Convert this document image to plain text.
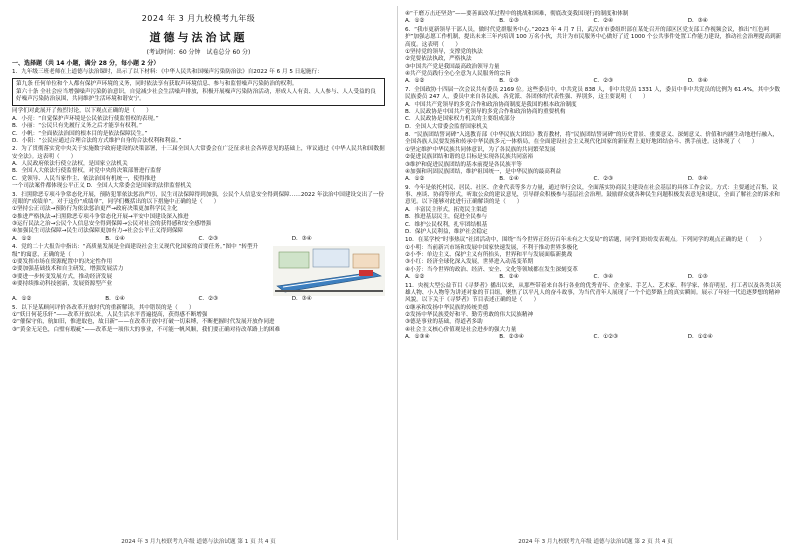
2024 年 3 月九校模考九年级
道德与法治试题
(考试时间：60 分钟　试卷总分 60 分)
一、选择题（共 14 小题，满分 28 分，每小题 2 分）
1．九年级三班老师在上道德与法治课时，出示了以下材料：《中华人民共和国噪声污染防治法》自2022 年 6 月 5 日起施行：
第九条 任何单位和个人都有保护声环境的义务，同时依法享有获取声环境信息、参与和监督噪声污染防治的权利。
第六十条 全社会应当增强噪声污染防治意识，自觉减少社会生活噪声排放，积极开展噪声污染防治活动，形成人人有责、人人参与、人人受益的良好噪声污染防治氛围，共同维护生活环境和谐安宁。
同学们对此展开了热烈讨论，以下观点正确的是（　　）
A．小亮：“自觉保护声环境是公民依法行使监督权的表现。”
B．小丽：“公民只有先履行义务之后才能享有权利。”
C．小帆：“全面依法治国的根本目的是依法保障民生。”
D．小阳：“公民应通过合理合法的方式维护自身的合法权利和利益。”
2．为了贯彻落实党中央关于实施数字政府建设的决策部署，十三届全国人大常委会在广泛征求社会各界意见的基础上，审议通过《中华人民共和国数据安全法》。这表明（　　）
A．人民政府依法行使立法权，是国家立法机关
B．全国人大依法行使监督权，对党中央的决策部署进行监督
C．党领导、人民当家作主、依法治国有机统一，使得推进
一个司法案件都体现公平正义 D．全国人大常委会是国家的法律监督机关
3．扫黑除恶专项斗争常态化开展，预防犯罪依法惩治严厉，民生司法保障得到加强，公民个人信息安全得到保障……2022 年法治中国建设交出了一份亮眼的“成绩单”。对于这份“成绩单”，同学们概括出的以下措施中正确的是（　　）
①坚持公正司法→预防行为依法惩治更严→政府决策更加科学民主化
②推进严格执法→扫黑除恶专项斗争常态化开展→平安中国建设深入推进
③运行民法之治→公民个人信息安全得到保障→公民对社会的获得感和安全感增强
④加强民生司法保障→民生司法保障更加有力→社会公平正义得到保障
A．①②	B．①④	C．②③	D．③④
4．党的二十大报告中指出：“高质量发展是全面建设社会主义现代化国家的首要任务。”图中 “转型升级”的寓意，正确的是（　　）
①要发挥市场在资源配置中的决定性作用
②要加强基础技术和自主研发，增强发展活力
③要进一步转变发展方式，推动经济发展
④要持续推动科技创新，发展资源型产业
A．①②	B．①④	C．②③	D．③④
5．以下是某顾问评价各改革开放时代的重新解读，其中错误的是（　　）
①“妖日何花乐轩”——改革开放以来，人民生活水平普遍提高，获得感不断增强
②“催保守佑，航如旧，惟进取也，故日新”——在改革开放中打破一切束缚，不断把握时代发展开放作同进
③“黄金无足色，白璧有瑕疵”——改革是一项伟大的事业，不可能一帆风顺，我们要正确对待改革路上的困难
2024 年 3 月九校联考九年级 道德与法治试题 第 1 页 共 4 页
④“千磨万击还坚劲”——要善面改革过程中的挑战和困难，彻底改变我国现行的制度和体制
A．①②	B．①③	C．②④	D．③④
6．“我市更新领导干部人员，做时代党群服务中心。”2023 年 4 月 7 日，武汉市市委组织部在某处召开的部区区党支部工作视频会议，推出“红色呵护”加强志愿工作机制，提出未来三年内培训 100 万名小伙，共计为市民服务中心做好了近 1000 个公共事件处置工作能力建设，推动社会治理提高到新高度。这表明（　　）
①坚持党的领导，支撑党的执法
②党要依法执政，严格执法
③中国共产党是我国最高政治领导力量
④共产党员践行全心全意为人民服务的宗旨
A．①②	B．①③	C．②③	D．③④
7．全国政协十四届一次会议共有委员 2169 位。这些委员中，中共党员 838 人，非中共党员 1331 人，委员中非中共党员的比例为 61.4%，其中少数民族委员 247 人，委员中来自各民族、各党派、各团体的代表性强、界别多，这主要说明（　　）
A．中国共产党领导的多党合作和政治协商制度是我国的根本政治制度
B．人民政协是中国共产党领导的多党合作和政治协商的重要机构
C．人民政协是国家权力机关的主要组成部分
D．全国人大常委会监督国家机关
8．“民族团结誓词碑”入选教育部《中华民族大团结》教育教材，将“民族团结誓词碑”的历史背景、重要意义、深刻意义、价值和内涵生动地进行融入，全国各族人民要发扬和传承中华民族多元一体格局，在全面建设社会主义现代化国家的新征程上更好地团结奋斗、携手前进。这体现了（　　）
①坚定维护中华民族共同体意识，为了各民族的共同繁荣发展
②促进民族团结和谐的总目标是实现各民族共同富裕
③维护和促进民族团结的基本前提是各民族平等
④加强和巩固民族团结，维护祖国统一，是中华民族的最高利益
A．①②	B．①④	C．②③	D．③④
9．今年是依托村民、居民、社区、企业代表等多方力量，通过举行会议，全面落实协商民主建设在社会基层的具体工作会议。方式：主要通过召集、议事、座谈、协商等形式，听取公众的建议意见，引导群众积极参与基层社会治理。鼓励群众就各种民生问题积极发表意见和建议，全面了解社会的诉求和意见。以下能够对此进行正确解读的是（　　）
A．丰富民主形式，拓宽民主渠道
B．推进基层民主，促进全民参与
C．维护公民权利，扎牢团结根基
D．保护人民利益，维护社会稳定
10．在某学校“时事热议”社团活动中，围绕“当今世界正经历百年未有之大变局”的话题，同学们纷纷发表观点。下列同学的观点正确的是（　　）
①小明：当前新兴市场和发展中国家快速发展，不利于推动世界多极化
②小李：单边主义、保护主义有所抬头，世界和平与发展面临新挑战
③小红：经济全球化深入发展，世界进入动荡变革期
④小芳：当今世界的政治、经济、安全、文化等领域都在发生深刻变革
A．①②	B．②④	C．③④	D．①③
11．央视大型公益节目《寻梦者》播出以来，从那些带着来自各行各业的优秀青年、企业家、手艺人、艺术家、科学家、体育明星、打工者以及各类以英雄人物、小人物等为讲述对象的节目组，聚焦了以平凡人的奋斗故事，为当代青年人展现了一个个追梦路上的真实瞬间。展示了年轻一代追逐梦想的精神风貌。以下关于《寻梦者》节目表述正确的是（　　）
①继承和发扬中华民族的传统美德
②发扬中华民族爱好和平、勤劳勇敢的伟大民族精神
③德是事业的基础，得道者多助
④社会主义核心价值观是社会进步的强大力量
A．①③④	B．②③④	C．①②③	D．①②④
2024 年 3 月九校联考九年级 道德与法治试题 第 2 页 共 4 页
